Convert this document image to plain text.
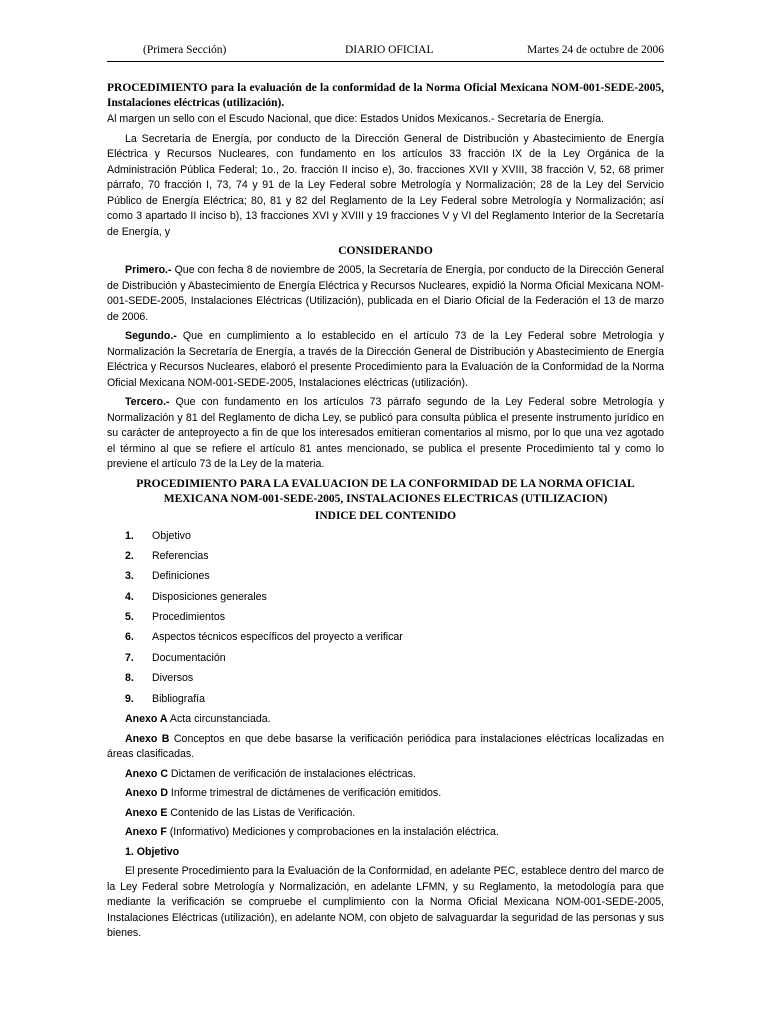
(Primera Sección)	DIARIO OFICIAL	Martes 24 de octubre de 2006

PROCEDIMIENTO para la evaluación de la conformidad de la Norma Oficial Mexicana NOM-001-SEDE-2005, Instalaciones eléctricas (utilización).

Al margen un sello con el Escudo Nacional, que dice: Estados Unidos Mexicanos.- Secretaría de Energía.

La Secretaría de Energía, por conducto de la Dirección General de Distribución y Abastecimiento de Energía Eléctrica y Recursos Nucleares, con fundamento en los artículos 33 fracción IX de la Ley Orgánica de la Administración Pública Federal; 1o., 2o. fracción II inciso e), 3o. fracciones XVII y XVIII, 38 fracción V, 52, 68 primer párrafo, 70 fracción I, 73, 74 y 91 de la Ley Federal sobre Metrología y Normalización; 28 de la Ley del Servicio Público de Energía Eléctrica; 80, 81 y 82 del Reglamento de la Ley Federal sobre Metrología y Normalización; así como 3 apartado II inciso b), 13 fracciones XVI y XVIII y 19 fracciones V y VI del Reglamento Interior de la Secretaría de Energía, y

CONSIDERANDO

Primero.- Que con fecha 8 de noviembre de 2005, la Secretaría de Energía, por conducto de la Dirección General de Distribución y Abastecimiento de Energía Eléctrica y Recursos Nucleares, expidió la Norma Oficial Mexicana NOM-001-SEDE-2005, Instalaciones Eléctricas (Utilización), publicada en el Diario Oficial de la Federación el 13 de marzo de 2006.

Segundo.- Que en cumplimiento a lo establecido en el artículo 73 de la Ley Federal sobre Metrología y Normalización la Secretaría de Energía, a través de la Dirección General de Distribución y Abastecimiento de Energía Eléctrica y Recursos Nucleares, elaboró el presente Procedimiento para la Evaluación de la Conformidad de la Norma Oficial Mexicana NOM-001-SEDE-2005, Instalaciones eléctricas (utilización).

Tercero.- Que con fundamento en los artículos 73 párrafo segundo de la Ley Federal sobre Metrología y Normalización y 81 del Reglamento de dicha Ley, se publicó para consulta pública el presente instrumento jurídico en su carácter de anteproyecto a fin de que los interesados emitieran comentarios al mismo, por lo que una vez agotado el término al que se refiere el artículo 81 antes mencionado, se publica el presente Procedimiento tal y como lo previene el artículo 73 de la Ley de la materia.

PROCEDIMIENTO PARA LA EVALUACION DE LA CONFORMIDAD DE LA NORMA OFICIAL
MEXICANA NOM-001-SEDE-2005, INSTALACIONES ELECTRICAS (UTILIZACION)

INDICE DEL CONTENIDO

1. Objetivo
2. Referencias
3. Definiciones
4. Disposiciones generales
5. Procedimientos
6. Aspectos técnicos específicos del proyecto a verificar
7. Documentación
8. Diversos
9. Bibliografía

Anexo A Acta circunstanciada.

Anexo B Conceptos en que debe basarse la verificación periódica para instalaciones eléctricas localizadas en áreas clasificadas.

Anexo C Dictamen de verificación de instalaciones eléctricas.

Anexo D Informe trimestral de dictámenes de verificación emitidos.

Anexo E Contenido de las Listas de Verificación.

Anexo F (Informativo) Mediciones y comprobaciones en la instalación eléctrica.

1. Objetivo

El presente Procedimiento para la Evaluación de la Conformidad, en adelante PEC, establece dentro del marco de la Ley Federal sobre Metrología y Normalización, en adelante LFMN, y su Reglamento, la metodología para que mediante la verificación se compruebe el cumplimiento con la Norma Oficial Mexicana NOM-001-SEDE-2005, Instalaciones Eléctricas (utilización), en adelante NOM, con objeto de salvaguardar la seguridad de las personas y sus bienes.
